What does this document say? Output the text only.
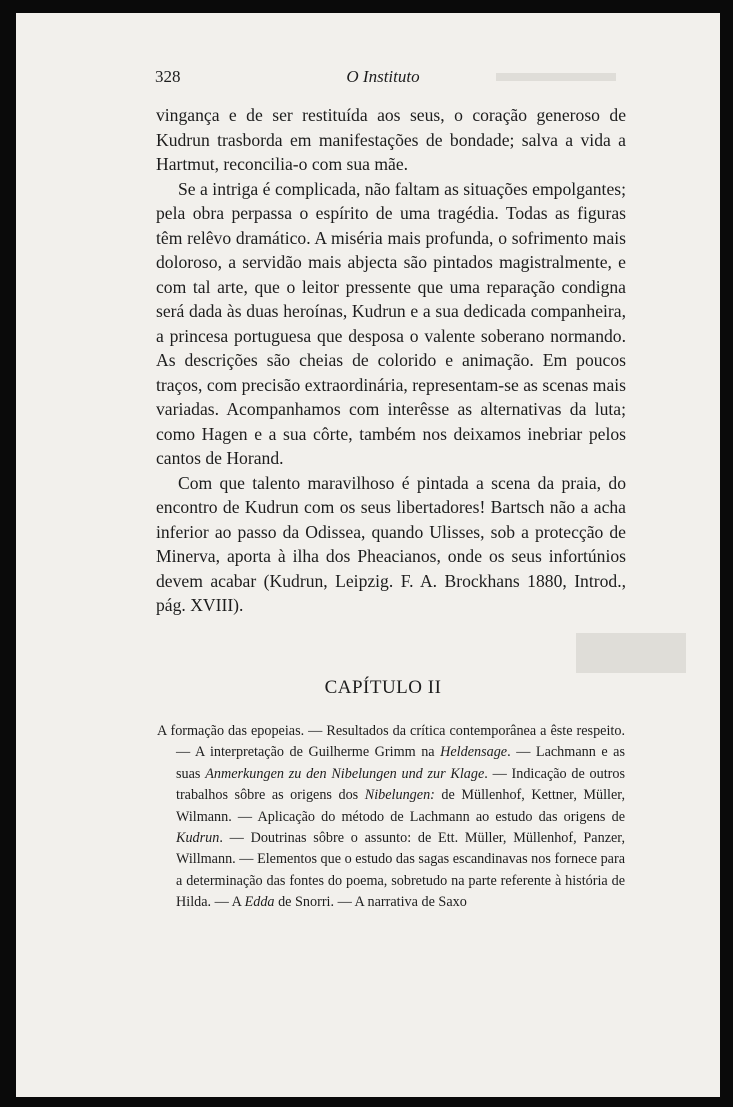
328	O Instituto

vingança e de ser restituída aos seus, o coração generoso de Kudrun trasborda em manifestações de bondade; salva a vida a Hartmut, reconcilia-o com sua mãe.

Se a intriga é complicada, não faltam as situações empolgantes; pela obra perpassa o espírito de uma tragédia. Todas as figuras têm relêvo dramático. A miséria mais profunda, o sofrimento mais doloroso, a servidão mais abjecta são pintados magistralmente, e com tal arte, que o leitor pressente que uma reparação condigna será dada às duas heroínas, Kudrun e a sua dedicada companheira, a princesa portuguesa que desposa o valente soberano normando. As descrições são cheias de colorido e animação. Em poucos traços, com precisão extraordinária, representam-se as scenas mais variadas. Acompanhamos com interêsse as alternativas da luta; como Hagen e a sua côrte, também nos deixamos inebriar pelos cantos de Horand.

Com que talento maravilhoso é pintada a scena da praia, do encontro de Kudrun com os seus libertadores! Bartsch não a acha inferior ao passo da Odissea, quando Ulisses, sob a protecção de Minerva, aporta à ilha dos Pheacianos, onde os seus infortúnios devem acabar (Kudrun, Leipzig. F. A. Brockhans 1880, Introd., pág. XVIII).

CAPÍTULO II
A formação das epopeias. — Resultados da crítica contemporânea a êste respeito. — A interpretação de Guilherme Grimm na Heldensage. — Lachmann e as suas Anmerkungen zu den Nibelungen und zur Klage. — Indicação de outros trabalhos sôbre as origens dos Nibelungen: de Müllenhof, Kettner, Müller, Wilmann. — Aplicação do método de Lachmann ao estudo das origens de Kudrun. — Doutrinas sôbre o assunto: de Ett. Müller, Müllenhof, Panzer, Willmann. — Elementos que o estudo das sagas escandinavas nos fornece para a determinação das fontes do poema, sobretudo na parte referente à história de Hilda. — A Edda de Snorri. — A narrativa de Saxo
